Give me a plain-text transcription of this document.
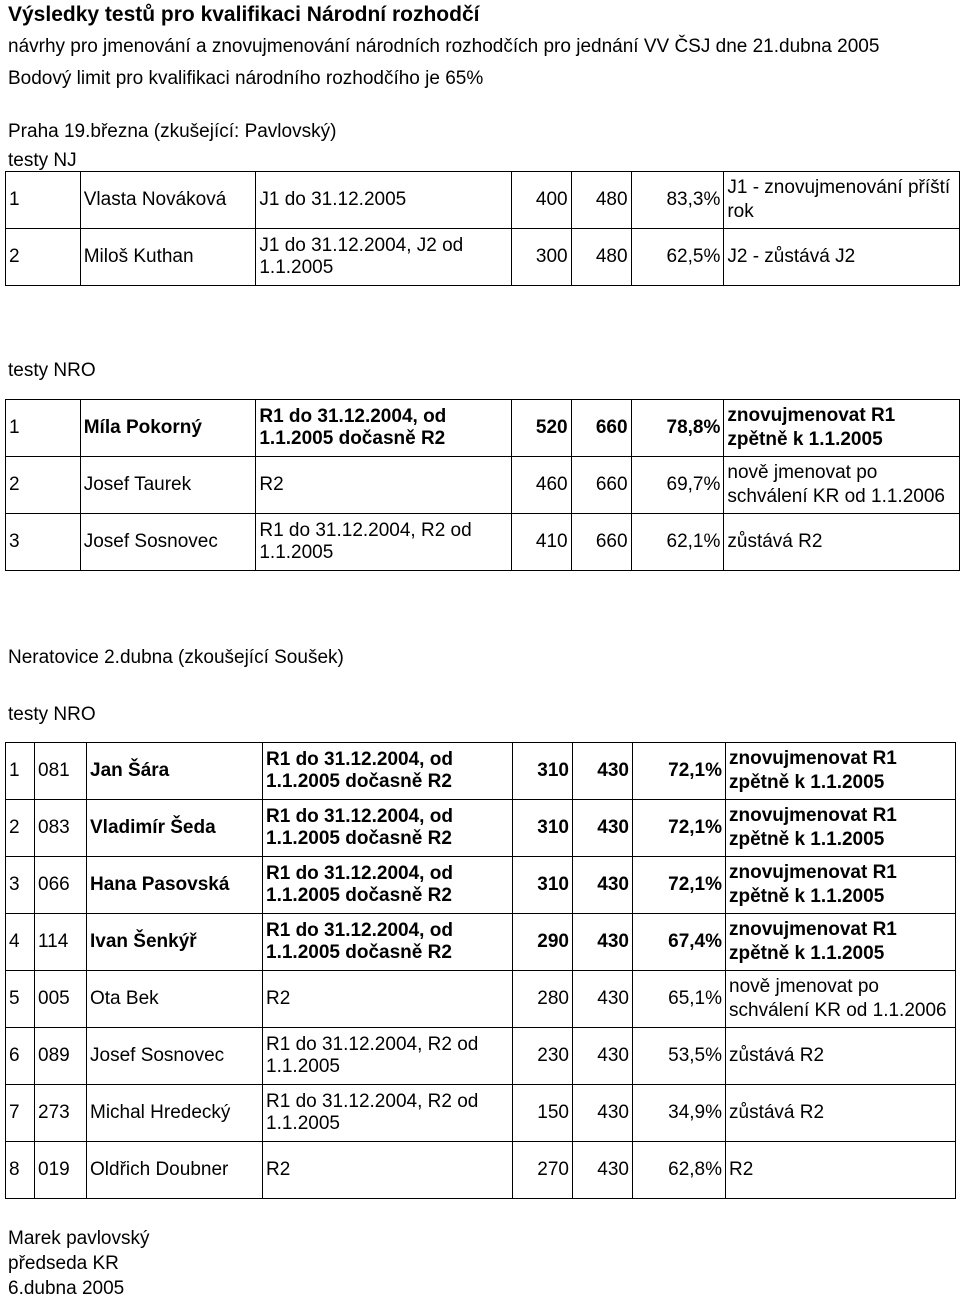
Výsledky testů pro kvalifikaci Národní rozhodčí
návrhy pro jmenování a znovujmenování národních rozhodčích pro jednání VV ČSJ dne 21.dubna 2005
Bodový limit pro kvalifikaci národního rozhodčího je 65%
Praha 19.března (zkušející: Pavlovský)
testy NJ
1	Vlasta Nováková	J1 do 31.12.2005	400	480	83,3%	J1 - znovujmenování příští rok

2	Miloš Kuthan	J1 do 31.12.2004, J2 od 1.1.2005	300	480	62,5%	J2 - zůstává J2
testy NRO
1	Míla Pokorný	R1 do 31.12.2004, od 1.1.2005 dočasně R2	520	660	78,8%	znovujmenovat R1 zpětně k 1.1.2005

2	Josef Taurek	R2	460	660	69,7%	nově jmenovat po schválení KR od 1.1.2006

3	Josef Sosnovec	R1 do 31.12.2004, R2 od 1.1.2005	410	660	62,1%	zůstává R2
Neratovice 2.dubna (zkoušející Soušek)
testy NRO
1	081	Jan Šára	R1 do 31.12.2004, od 1.1.2005 dočasně R2	310	430	72,1%	znovujmenovat R1 zpětně k 1.1.2005

2	083	Vladimír Šeda	R1 do 31.12.2004, od 1.1.2005 dočasně R2	310	430	72,1%	znovujmenovat R1 zpětně k 1.1.2005

3	066	Hana Pasovská	R1 do 31.12.2004, od 1.1.2005 dočasně R2	310	430	72,1%	znovujmenovat R1 zpětně k 1.1.2005

4	114	Ivan Šenkýř	R1 do 31.12.2004, od 1.1.2005 dočasně R2	290	430	67,4%	znovujmenovat R1 zpětně k 1.1.2005

5	005	Ota Bek	R2	280	430	65,1%	nově jmenovat po schválení KR od 1.1.2006

6	089	Josef Sosnovec	R1 do 31.12.2004, R2 od 1.1.2005	230	430	53,5%	zůstává R2

7	273	Michal Hredecký	R1 do 31.12.2004, R2 od 1.1.2005	150	430	34,9%	zůstává R2

8	019	Oldřich Doubner	R2	270	430	62,8%	R2
Marek pavlovský
předseda KR
6.dubna 2005
